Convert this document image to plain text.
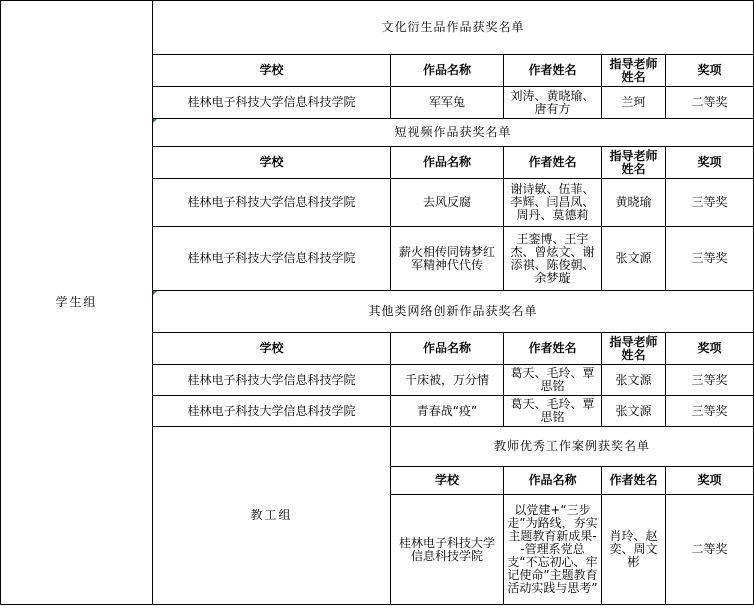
学生组	文化衍生品作品获奖名单				
	学校	作品名称	作者姓名	指导老师姓名	奖项
	桂林电子科技大学信息科技学院	军军兔	刘涛、黄晓瑜、唐有方	兰珂	二等奖
	短视频作品获奖名单				
	学校	作品名称	作者姓名	指导老师姓名	奖项
	桂林电子科技大学信息科技学院	去风反腐	谢诗敏、伍菲、李辉、闫昌凤、周丹、莫德莉	黄晓瑜	三等奖
	桂林电子科技大学信息科技学院	薪火相传同铸梦红军精神代代传	王銮博、王宇杰、曾炫文、谢添祺、陈俊朝、余梦璇	张文源	三等奖
	其他类网络创新作品获奖名单				
	学校	作品名称	作者姓名	指导老师姓名	奖项
	桂林电子科技大学信息科技学院	千床被，万分情	葛天、毛玲、覃思铭	张文源	三等奖
	桂林电子科技大学信息科技学院	青春战“疫”	葛天、毛玲、覃思铭	张文源	三等奖
	教工组	教师优秀工作案例获奖名单			
		学校	作品名称	作者姓名	奖项
		桂林电子科技大学信息科技学院	以党建+“三步走”为路线，夯实主题教育新成果--管理系党总支“不忘初心、牢记使命”主题教育活动实践与思考”	肖玲、赵奕、周文彬	二等奖
